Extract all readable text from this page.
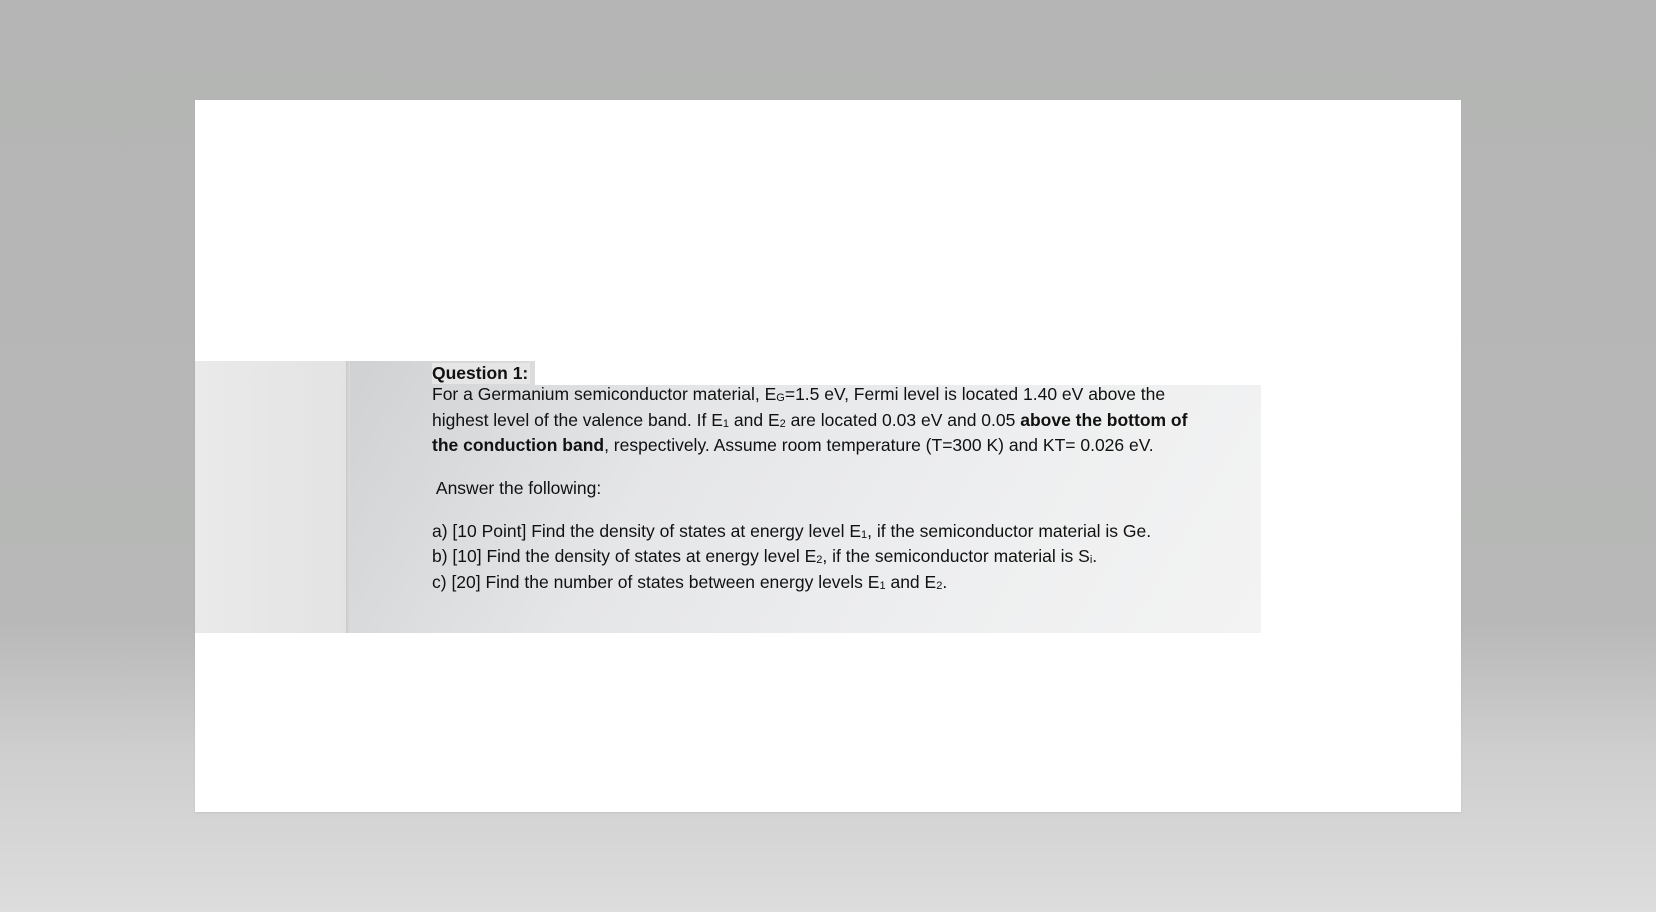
Question 1:

For a Germanium semiconductor material, EG=1.5 eV, Fermi level is located 1.40 eV above the highest level of the valence band. If E1 and E2 are located 0.03 eV and 0.05 above the bottom of the conduction band, respectively. Assume room temperature (T=300 K) and KT= 0.026 eV.

Answer the following:

a) [10 Point] Find the density of states at energy level E1, if the semiconductor material is Ge.

b) [10] Find the density of states at energy level E2, if the semiconductor material is Si.

c) [20] Find the number of states between energy levels E1 and E2.
